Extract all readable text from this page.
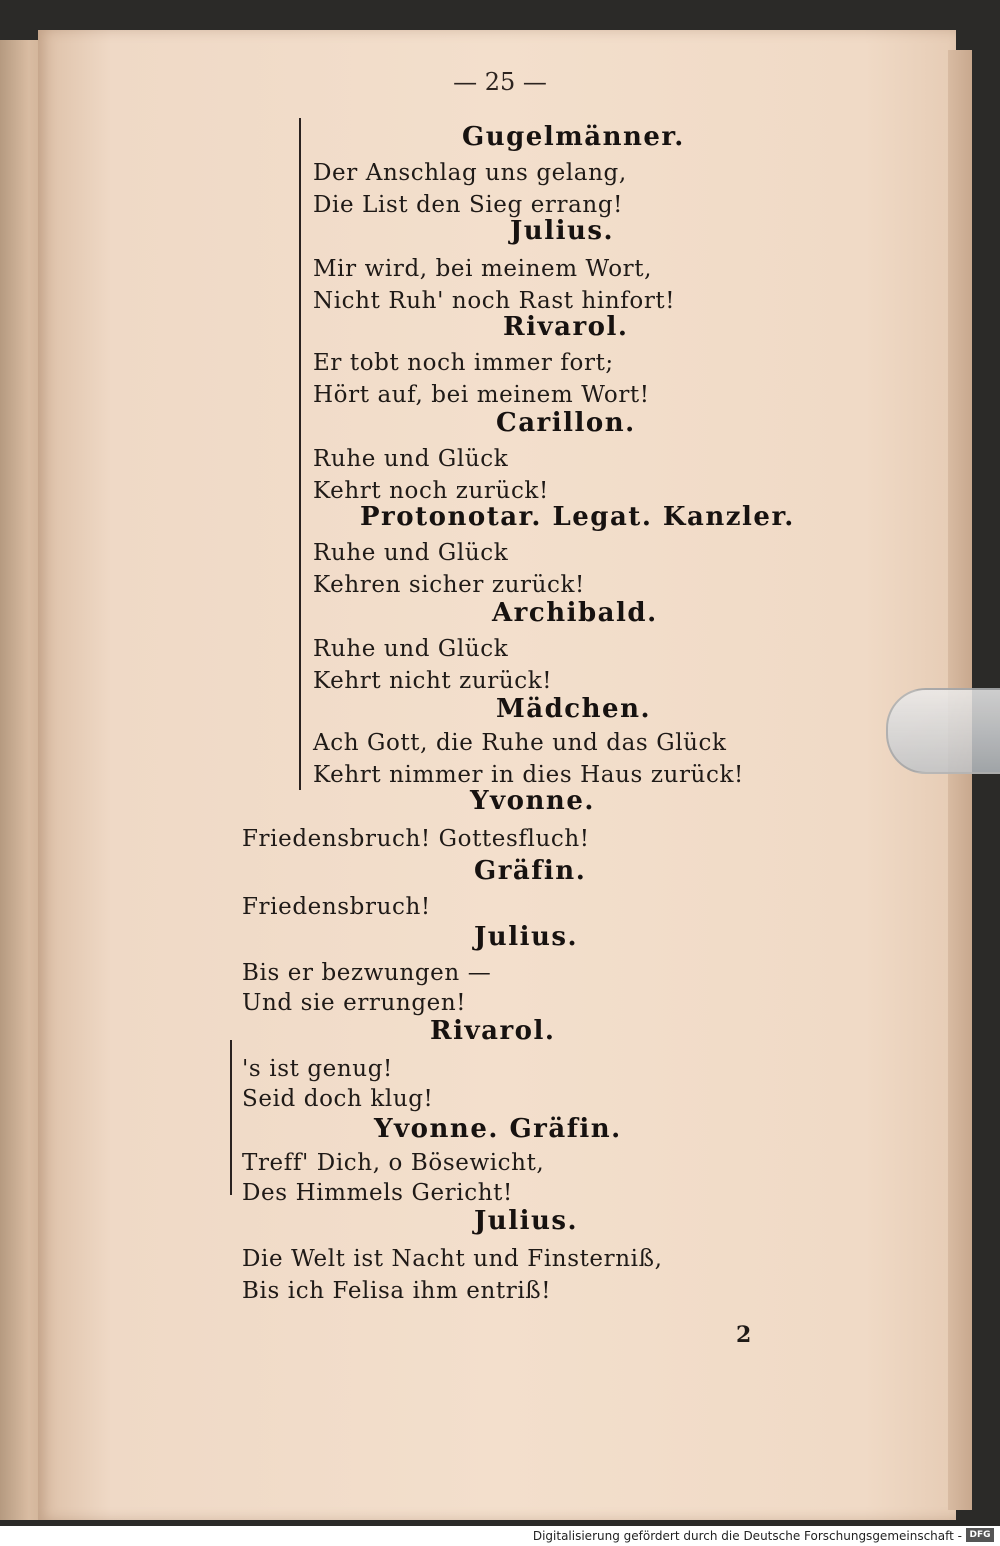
— 25 —
Gugelmänner.
Der Anschlag uns gelang,
Die List den Sieg errang!
Julius.
Mir wird, bei meinem Wort,
Nicht Ruh' noch Rast hinfort!
Rivarol.
Er tobt noch immer fort;
Hört auf, bei meinem Wort!
Carillon.
Ruhe und Glück
Kehrt noch zurück!
Protonotar. Legat. Kanzler.
Ruhe und Glück
Kehren sicher zurück!
Archibald.
Ruhe und Glück
Kehrt nicht zurück!
Mädchen.
Ach Gott, die Ruhe und das Glück
Kehrt nimmer in dies Haus zurück!
Yvonne.
Friedensbruch! Gottesfluch!
Gräfin.
Friedensbruch!
Julius.
Bis er bezwungen —
Und sie errungen!
Rivarol.
's ist genug!
Seid doch klug!
Yvonne. Gräfin.
Treff' Dich, o Bösewicht,
Des Himmels Gericht!
Julius.
Die Welt ist Nacht und Finsterniß,
Bis ich Felisa ihm entriß!
2
Digitalisierung gefördert durch die Deutsche Forschungsgemeinschaft - DFG
